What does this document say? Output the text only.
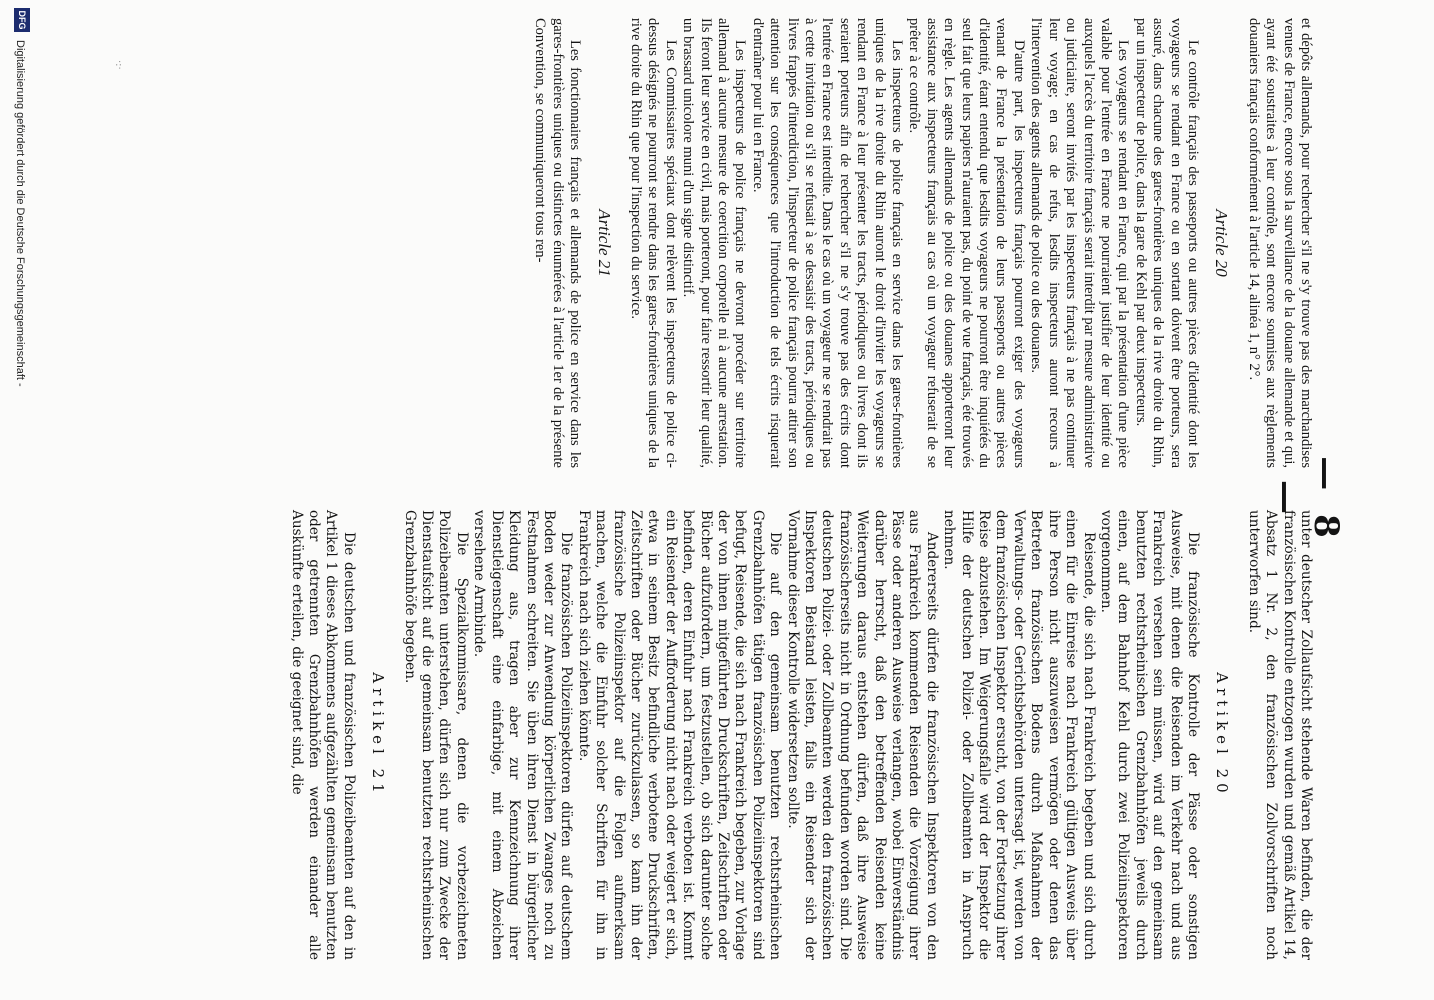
— 8 —

et dépôts allemands, pour rechercher s'il ne s'y trouve pas des marchandises venues de France, encore sous la surveillance de la douane allemande et qui, ayant été soustraites à leur contrôle, sont encore soumises aux règlements douaniers français conformément à l'article 14, alinéa 1, n° 2°.

Article 20

Le contrôle français des passeports ou autres pièces d'identité dont les voyageurs se rendant en France ou en sortant doivent être porteurs, sera assuré, dans chacune des gares-frontières uniques de la rive droite du Rhin, par un inspecteur de police, dans la gare de Kehl par deux inspecteurs.

Les voyageurs se rendant en France, qui par la présentation d'une pièce valable pour l'entrée en France ne pourraient justifier de leur identité ou auxquels l'accès du territoire français serait interdit par mesure administrative ou judiciaire, seront invités par les inspecteurs français à ne pas continuer leur voyage; en cas de refus, lesdits inspecteurs auront recours à l'intervention des agents allemands de police ou des douanes.

D'autre part, les inspecteurs français pourront exiger des voyageurs venant de France la présentation de leurs passeports ou autres pièces d'identité, étant entendu que lesdits voyageurs ne pourront être inquiétés du seul fait que leurs papiers n'auraient pas, du point de vue français, été trouvés en règle. Les agents allemands de police ou des douanes apporteront leur assistance aux inspecteurs français au cas où un voyageur refuserait de se prêter à ce contrôle.

Les inspecteurs de police français en service dans les gares-frontières uniques de la rive droite du Rhin auront le droit d'inviter les voyageurs se rendant en France à leur présenter les tracts, périodiques ou livres dont ils seraient porteurs afin de rechercher s'il ne s'y trouve pas des écrits dont l'entrée en France est interdite. Dans le cas où un voyageur ne se rendrait pas à cette invitation ou s'il se refusait à se dessaisir des tracts, périodiques ou livres frappés d'interdiction, l'inspecteur de police français pourra attirer son attention sur les conséquences que l'introduction de tels écrits risquerait d'entraîner pour lui en France.

Les inspecteurs de police français ne devront procéder sur territoire allemand à aucune mesure de coercition corporelle ni à aucune arrestation. Ils feront leur service en civil, mais porteront, pour faire ressortir leur qualité, un brassard unicolore muni d'un signe distinctif.

Les Commissaires spéciaux dont relèvent les inspecteurs de police ci-dessus désignés ne pourront se rendre dans les gares-frontières uniques de la rive droite du Rhin que pour l'inspection du service.

Article 21

Les fonctionnaires français et allemands de police en service dans les gares-frontières uniques ou distinctes énumérées à l'article 1er de la présente Convention, se communiqueront tous ren-

unter deutscher Zollaufsicht stehende Waren befinden, die der französischen Kontrolle entzogen wurden und gemäß Artikel 14, Absatz 1 Nr. 2, den französischen Zollvorschriften noch unterworfen sind.

Artikel 20

Die französische Kontrolle der Pässe oder sonstigen Ausweise, mit denen die Reisenden im Verkehr nach und aus Frankreich versehen sein müssen, wird auf den gemeinsam benutzten rechtsrheinischen Grenzbahnhöfen jeweils durch einen, auf dem Bahnhof Kehl durch zwei Polizeiinspektoren vorgenommen.

Reisende, die sich nach Frankreich begeben und sich durch einen für die Einreise nach Frankreich gültigen Ausweis über ihre Person nicht auszuweisen vermögen oder denen das Betreten französischen Bodens durch Maßnahmen der Verwaltungs- oder Gerichtsbehörden untersagt ist, werden von dem französischen Inspektor ersucht, von der Fortsetzung ihrer Reise abzustehen. Im Weigerungsfalle wird der Inspektor die Hilfe der deutschen Polizei- oder Zollbeamten in Anspruch nehmen.

Andererseits dürfen die französischen Inspektoren von den aus Frankreich kommenden Reisenden die Vorzeigung ihrer Pässe oder anderen Ausweise verlangen, wobei Einverständnis darüber herrscht, daß den betreffenden Reisenden keine Weiterungen daraus entstehen dürfen, daß ihre Ausweise französischerseits nicht in Ordnung befunden worden sind. Die deutschen Polizei- oder Zollbeamten werden den französischen Inspektoren Beistand leisten, falls ein Reisender sich der Vornahme dieser Kontrolle widersetzen sollte.

Die auf den gemeinsam benutzten rechtsrheinischen Grenzbahnhöfen tätigen französischen Polizeiinspektoren sind befugt, Reisende, die sich nach Frankreich begeben, zur Vorlage der von ihnen mitgeführten Druckschriften, Zeitschriften oder Bücher aufzufordern, um festzustellen, ob sich darunter solche befinden, deren Einfuhr nach Frankreich verboten ist. Kommt ein Reisender der Aufforderung nicht nach oder weigert er sich, etwa in seinem Besitz befindliche verbotene Druckschriften, Zeitschriften oder Bücher zurückzulassen, so kann ihn der französische Polizeiinspektor auf die Folgen aufmerksam machen, welche die Einfuhr solcher Schriften für ihn in Frankreich nach sich ziehen könnte.

Die französischen Polizeiinspektoren dürfen auf deutschem Boden weder zur Anwendung körperlichen Zwanges noch zu Festnahmen schreiten. Sie üben ihren Dienst in bürgerlicher Kleidung aus, tragen aber zur Kennzeichnung ihrer Dienstleigenschaft eine einfarbige, mit einem Abzeichen versehene Armbinde.

Die Spezialkommissare, denen die vorbezeichneten Polizeibeamten unterstehen, dürfen sich nur zum Zwecke der Dienstaufsicht auf die gemeinsam benutzten rechtsrheinischen Grenzbahnhöfe begeben.

Artikel 21

Die deutschen und französischen Polizeibeamten auf den in Artikel 1 dieses Abkommens aufgezählten gemeinsam benutzten oder getrennten Grenzbahnhöfen werden einander alle Auskünfte erteilen, die geeignet sind, die

·:·
DFG
Digitalisierung gefördert durch die Deutsche Forschungsgemeinschaft -
